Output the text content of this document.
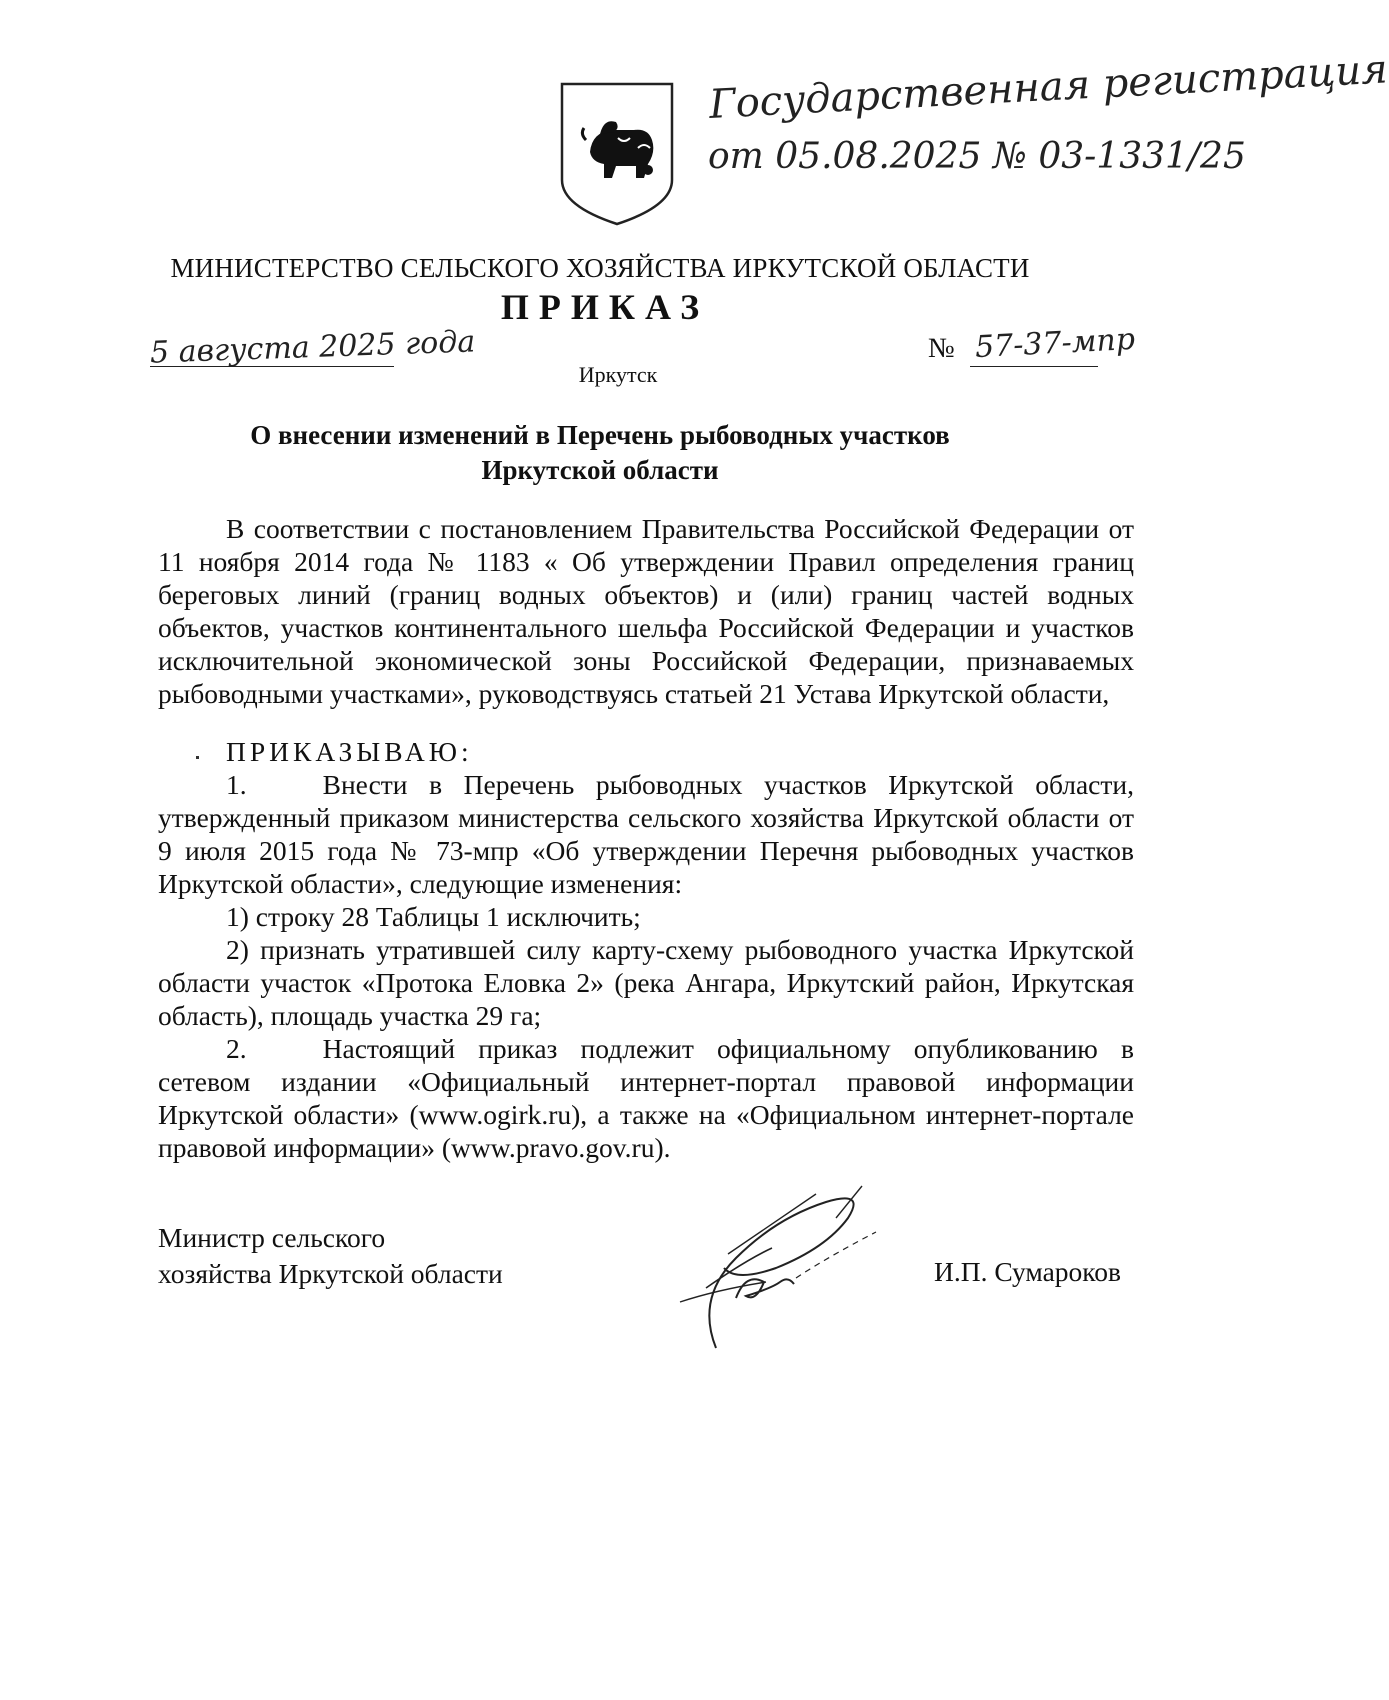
Государственная регистрация
от 05.08.2025 № 03-1331/25
МИНИСТЕРСТВО СЕЛЬСКОГО ХОЗЯЙСТВА ИРКУТСКОЙ ОБЛАСТИ
ПРИКАЗ
5 августа 2025 года	№ 57-37-мпр
Иркутск
О внесении изменений в Перечень рыбоводных участков
Иркутской области
В соответствии с постановлением Правительства Российской Федерации от 11 ноября 2014 года № 1183 « Об утверждении Правил определения границ береговых линий (границ водных объектов) и (или) границ частей водных объектов, участков континентального шельфа Российской Федерации и участков исключительной экономической зоны Российской Федерации, признаваемых рыбоводными участками», руководствуясь статьей 21 Устава Иркутской области,
ПРИКАЗЫВАЮ:
1.	Внести в Перечень рыбоводных участков Иркутской области, утвержденный приказом министерства сельского хозяйства Иркутской области от 9 июля 2015 года № 73-мпр «Об утверждении Перечня рыбоводных участков Иркутской области», следующие изменения:
1) строку 28 Таблицы 1 исключить;
2) признать утратившей силу карту-схему рыбоводного участка Иркутской области участок «Протока Еловка 2» (река Ангара, Иркутский район, Иркутская область), площадь участка 29 га;
2.	Настоящий приказ подлежит официальному опубликованию в сетевом издании «Официальный интернет-портал правовой информации Иркутской области» (www.ogirk.ru), а также на «Официальном интернет-портале правовой информации» (www.pravo.gov.ru).
Министр сельского
хозяйства Иркутской области	И.П. Сумароков
